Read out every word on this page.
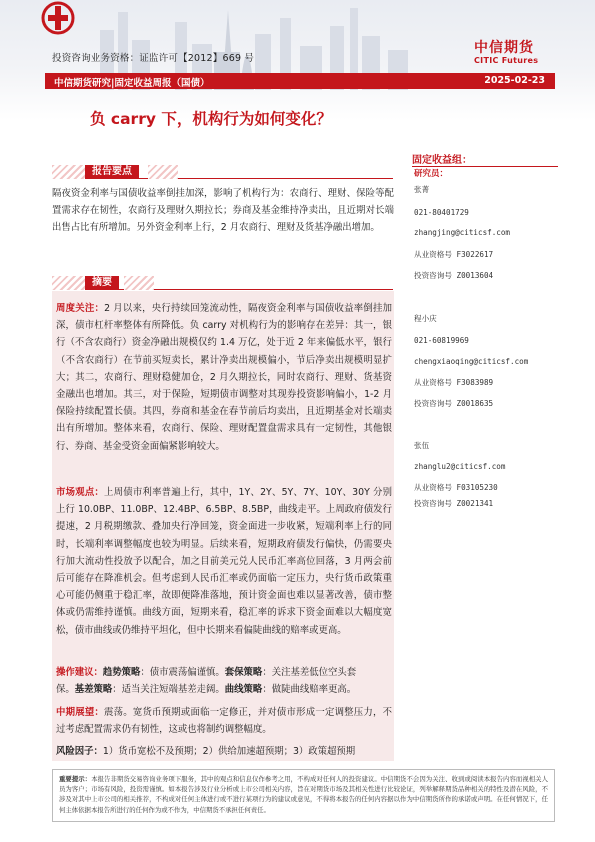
投资咨询业务资格：证监许可【2012】669 号
中信期货
CITIC Futures
中信期货研究|固定收益周报（国债）	2025-02-23
负 carry 下，机构行为如何变化？
固定收益组：
研究员：
张菁
021-80401729
zhangjing@citicsf.com
从业资格号 F3022617
投资咨询号 Z0013604
程小庆
021-60819969
chengxiaoqing@citicsf.com
从业资格号 F3083989
投资咨询号 Z0018635
张伍
zhanglu2@citicsf.com
从业资格号 F03105230
投资咨询号 Z0021341
报告要点
隔夜资金利率与国债收益率倒挂加深，影响了机构行为：农商行、理财、保险等配置需求存在韧性，农商行及理财久期拉长；券商及基金维持净卖出，且近期对长端出售占比有所增加。另外资金利率上行，2 月农商行、理财及货基净融出增加。
摘要
周度关注：2 月以来，央行持续回笼流动性，隔夜资金利率与国债收益率倒挂加深，债市杠杆率整体有所降低。负 carry 对机构行为的影响存在差异：其一，银行（不含农商行）资金净融出规模仅约 1.4 万亿，处于近 2 年来偏低水平，银行（不含农商行）在节前买短卖长，累计净卖出规模偏小，节后净卖出规模明显扩大；其二，农商行、理财稳健加仓，2 月久期拉长，同时农商行、理财、货基资金融出也增加。其三，对于保险，短期债市调整对其现券投资影响偏小，1-2 月保险持续配置长债。其四，券商和基金在春节前后均卖出，且近期基金对长端卖出有所增加。整体来看，农商行、保险、理财配置盘需求具有一定韧性，其他银行、券商、基金受资金面偏紧影响较大。
市场观点：上周债市利率普遍上行，其中，1Y、2Y、5Y、7Y、10Y、30Y 分别上行 10.0BP、11.0BP、12.4BP、6.5BP、8.5BP，曲线走平。上周政府债发行提速，2 月税期缴款、叠加央行净回笼，资金面进一步收紧，短端利率上行的同时，长端利率调整幅度也较为明显。后续来看，短期政府债发行偏快，仍需要央行加大流动性投放予以配合，加之目前美元兑人民币汇率高位回落，3 月两会前后可能存在降准机会。但考虑到人民币汇率或仍面临一定压力，央行货币政策重心可能仍侧重于稳汇率，故即便降准落地，预计资金面也难以显著改善，债市整体或仍需维持谨慎。曲线方面，短期来看，稳汇率的诉求下资金面难以大幅度宽松，债市曲线或仍维持平坦化，但中长期来看偏陡曲线的赔率或更高。
操作建议：趋势策略：债市震荡偏谨慎。套保策略：关注基差低位空头套
保。基差策略：适当关注短端基差走阔。曲线策略：做陡曲线赔率更高。
中期展望：震荡。宽货币预期或面临一定修正，并对债市形成一定调整压力，不过考虑配置需求仍有韧性，这或也将制约调整幅度。
风险因子：1）货币宽松不及预期；2）供给加速超预期；3）政策超预期
重要提示：本报告非期货交易咨询业务项下服务，其中的观点和信息仅作参考之用，不构成对任何人的投资建议。中信期货不会因为关注、收到或阅读本报告内容而视相关人员为客户；市场有风险，投资需谨慎。如本报告涉及行业分析或上市公司相关内容，旨在对期货市场及其相关性进行比较论证，列举解释期货品种相关的特性及潜在风险，不涉及对其中上市公司的相关推荐，不构成对任何主体进行或不进行某项行为的建议或意见，不得将本报告的任何内容据以作为中信期货所作的承诺或声明。在任何情况下，任何主体依据本报告所进行的任何作为或不作为，中信期货不承担任何责任。
